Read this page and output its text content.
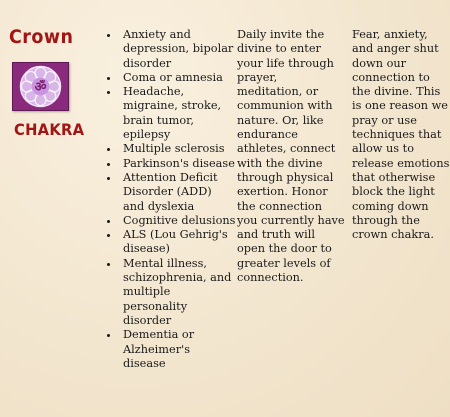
Crown
ॐ
CHAKRA
• Anxiety and depression, bipolar disorder
• Coma or amnesia
• Headache, migraine, stroke, brain tumor, epilepsy
• Multiple sclerosis
• Parkinson's disease
• Attention Deficit Disorder (ADD) and dyslexia
• Cognitive delusions
• ALS (Lou Gehrig's disease)
• Mental illness, schizophrenia, and multiple personality disorder
• Dementia or Alzheimer's disease

Daily invite the divine to enter your life through prayer, meditation, or communion with nature. Or, like endurance athletes, connect with the divine through physical exertion. Honor the connection you currently have and truth will open the door to greater levels of connection.

Fear, anxiety, and anger shut down our connection to the divine. This is one reason we pray or use techniques that allow us to release emotions that otherwise block the light coming down through the crown chakra.
